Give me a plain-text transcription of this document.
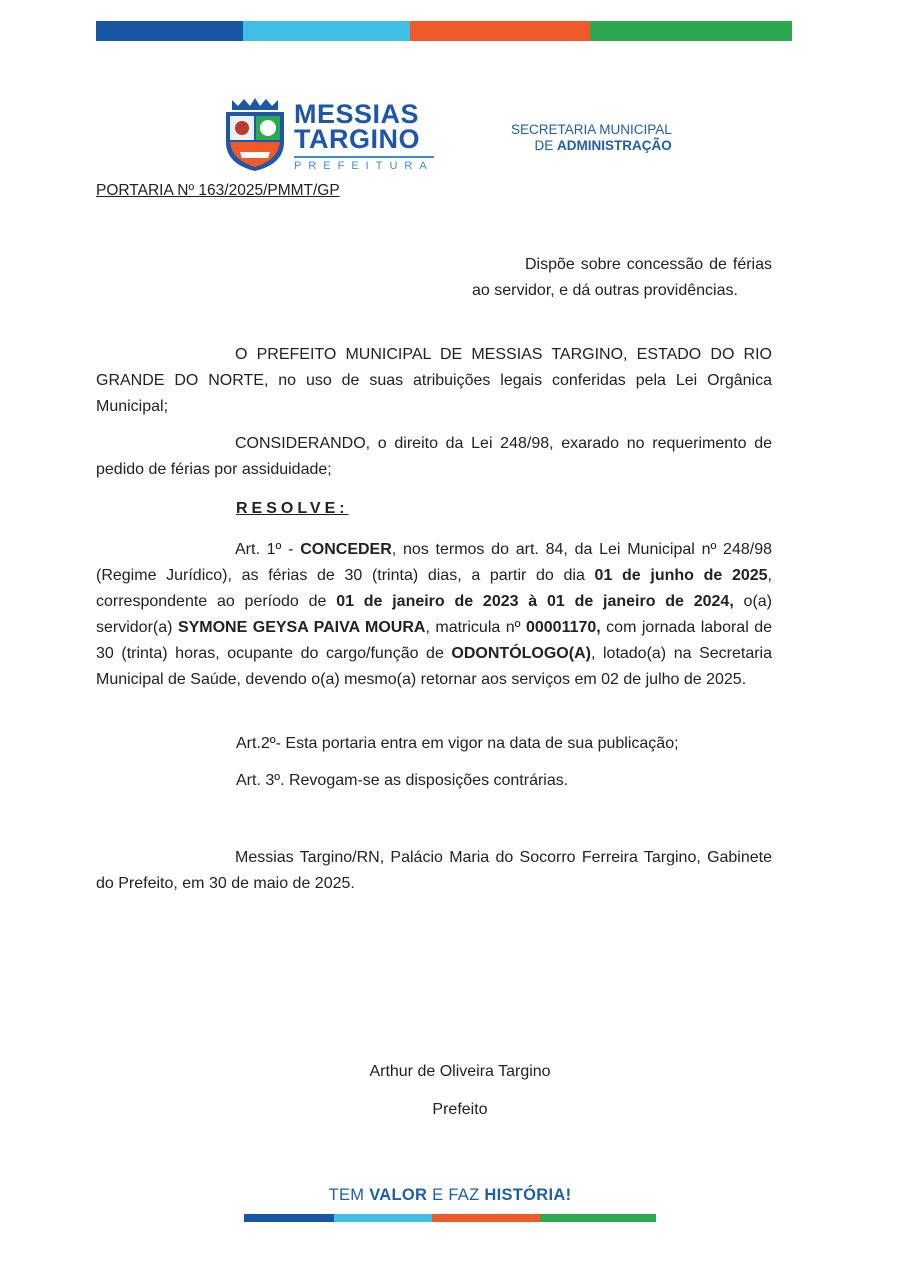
MESSIAS
TARGINO
PREFEITURA
SECRETARIA MUNICIPAL
DE ADMINISTRAÇÃO

PORTARIA Nº 163/2025/PMMT/GP

Dispõe sobre concessão de férias ao servidor, e dá outras providências.

O PREFEITO MUNICIPAL DE MESSIAS TARGINO, ESTADO DO RIO GRANDE DO NORTE, no uso de suas atribuições legais conferidas pela Lei Orgânica Municipal;

CONSIDERANDO, o direito da Lei 248/98, exarado no requerimento de pedido de férias por assiduidade;

RESOLVE:

Art. 1º - CONCEDER, nos termos do art. 84, da Lei Municipal nº 248/98 (Regime Jurídico), as férias de 30 (trinta) dias, a partir do dia 01 de junho de 2025, correspondente ao período de 01 de janeiro de 2023 à 01 de janeiro de 2024, o(a) servidor(a) SYMONE GEYSA PAIVA MOURA, matricula nº 00001170, com jornada laboral de 30 (trinta) horas, ocupante do cargo/função de ODONTÓLOGO(A), lotado(a) na Secretaria Municipal de Saúde, devendo o(a) mesmo(a) retornar aos serviços em 02 de julho de 2025.

Art.2º- Esta portaria entra em vigor na data de sua publicação;

Art. 3º. Revogam-se as disposições contrárias.

Messias Targino/RN, Palácio Maria do Socorro Ferreira Targino, Gabinete do Prefeito, em 30 de maio de 2025.

Arthur de Oliveira Targino

Prefeito

TEM VALOR E FAZ HISTÓRIA!
